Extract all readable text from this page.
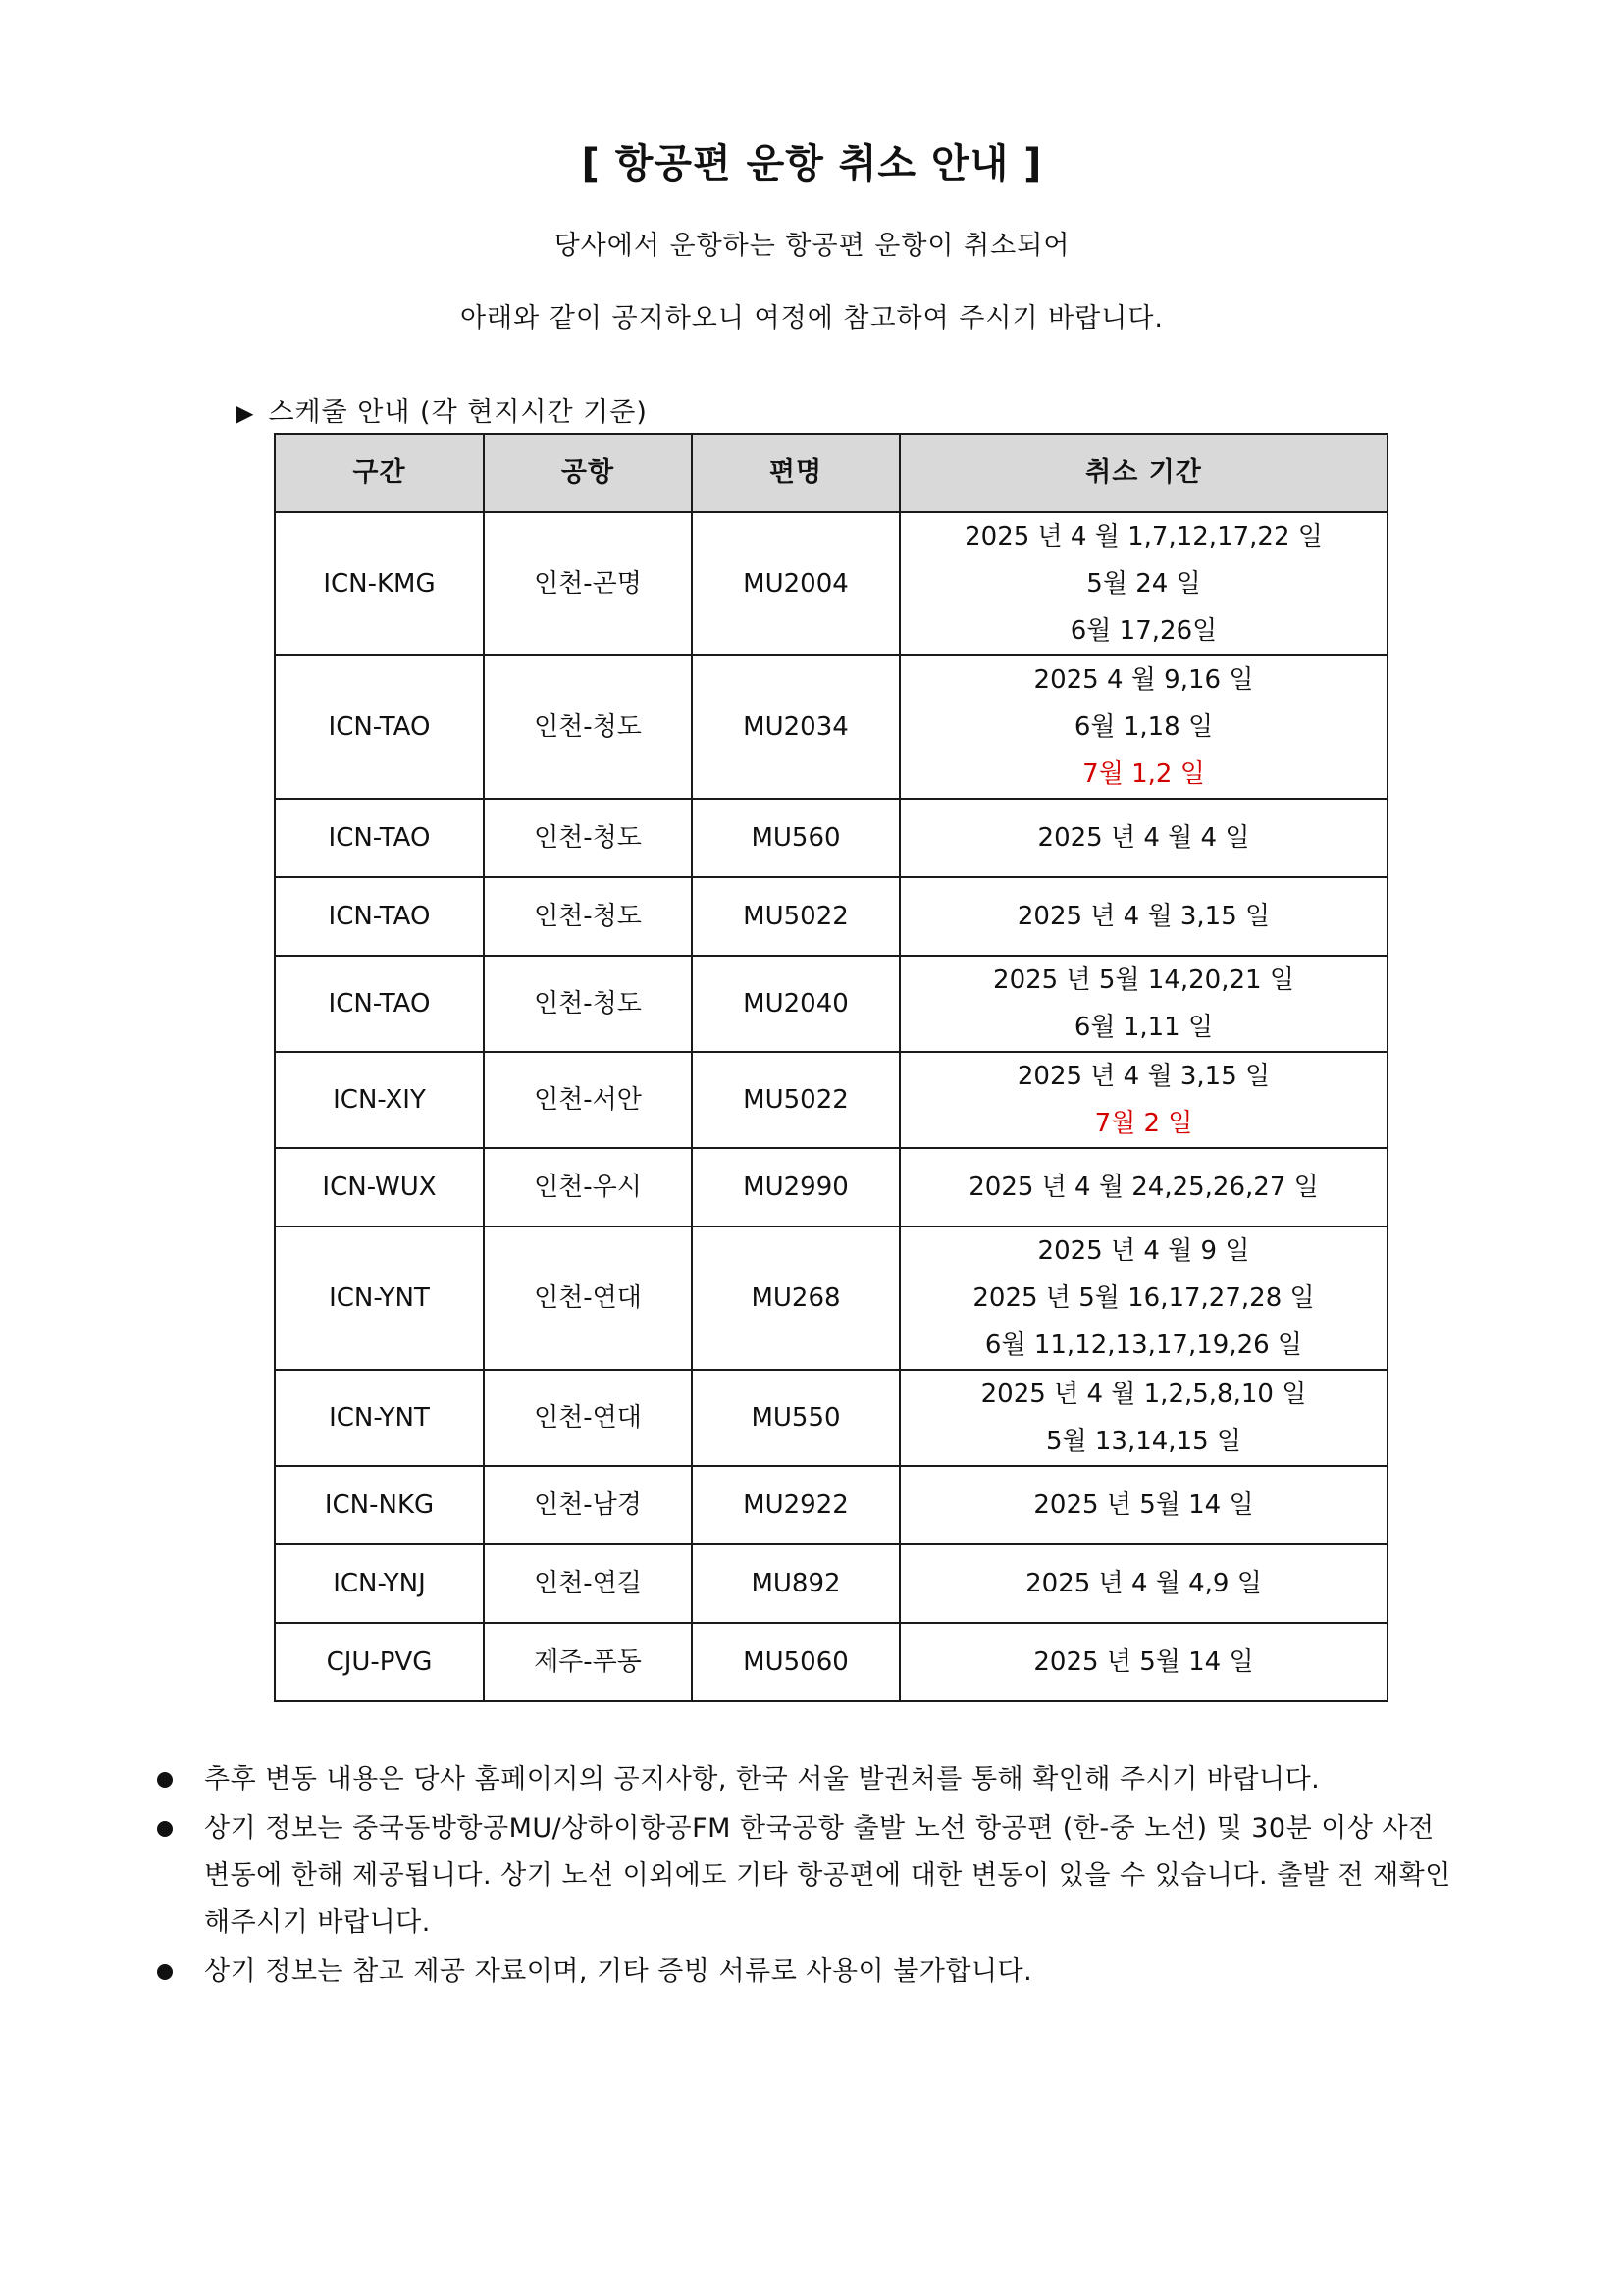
[ 항공편 운항 취소 안내 ]
당사에서 운항하는 항공편 운항이 취소되어
아래와 같이 공지하오니 여정에 참고하여 주시기 바랍니다.
▶ 스케줄 안내 (각 현지시간 기준)
구간	공항	편명	취소 기간
ICN-KMG	인천-곤명	MU2004	2025 년 4 월 1,7,12,17,22 일
5월 24 일
6월 17,26일

ICN-TAO	인천-청도	MU2034	2025 4 월 9,16 일
6월 1,18 일
7월 1,2 일

ICN-TAO	인천-청도	MU560	2025 년 4 월 4 일

ICN-TAO	인천-청도	MU5022	2025 년 4 월 3,15 일

ICN-TAO	인천-청도	MU2040	2025 년 5월 14,20,21 일
6월 1,11 일

ICN-XIY	인천-서안	MU5022	2025 년 4 월 3,15 일
7월 2 일

ICN-WUX	인천-우시	MU2990	2025 년 4 월 24,25,26,27 일

ICN-YNT	인천-연대	MU268	2025 년 4 월 9 일
2025 년 5월 16,17,27,28 일
6월 11,12,13,17,19,26 일

ICN-YNT	인천-연대	MU550	2025 년 4 월 1,2,5,8,10 일
5월 13,14,15 일

ICN-NKG	인천-남경	MU2922	2025 년 5월 14 일

ICN-YNJ	인천-연길	MU892	2025 년 4 월 4,9 일

CJU-PVG	제주-푸동	MU5060	2025 년 5월 14 일
추후 변동 내용은 당사 홈페이지의 공지사항, 한국 서울 발권처를 통해 확인해 주시기 바랍니다.
상기 정보는 중국동방항공MU/상하이항공FM 한국공항 출발 노선 항공편 (한-중 노선) 및 30분 이상 사전 변동에 한해 제공됩니다. 상기 노선 이외에도 기타 항공편에 대한 변동이 있을 수 있습니다. 출발 전 재확인 해주시기 바랍니다.
상기 정보는 참고 제공 자료이며, 기타 증빙 서류로 사용이 불가합니다.
